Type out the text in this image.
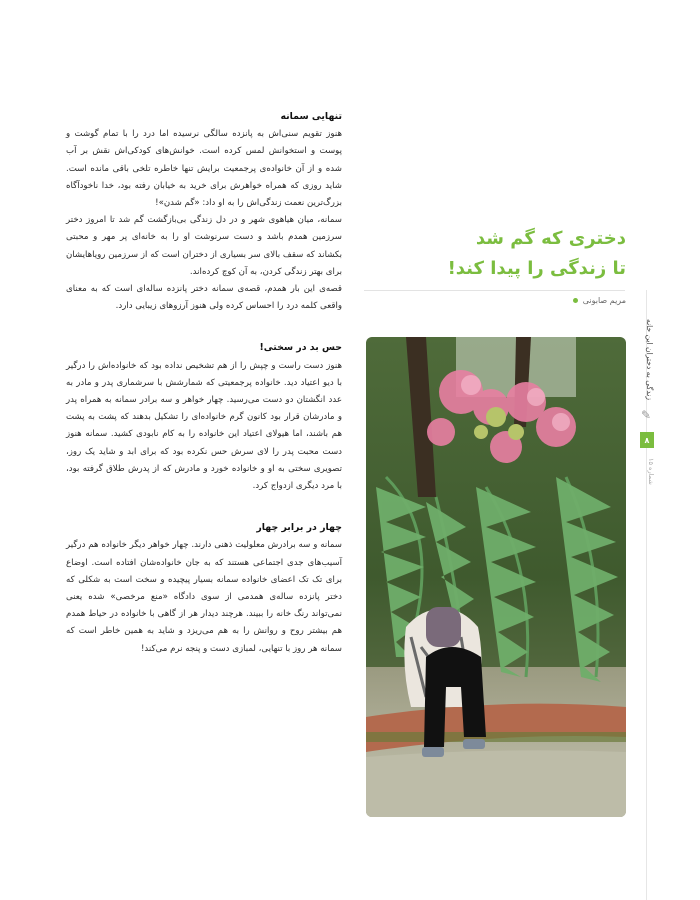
تنهایی سمانه

هنوز تقویم سنی‌اش به پانزده سالگی نرسیده اما درد را با تمام گوشت و پوست و استخوانش لمس کرده است. خوانش‌های کودکی‌اش نقش بر آب شده و از آن خانواده‌ی پرجمعیت برایش تنها خاطره تلخی باقی مانده است. شاید روزی که همراه خواهرش برای خرید به خیابان رفته بود، خدا ناخودآگاه بزرگ‌ترین نعمت زندگی‌اش را به او داد: «گم شدن»!

سمانه، میان هیاهوی شهر و در دل زندگی بی‌بازگشت گم شد تا امروز دختر سرزمین همدم باشد و دست سرنوشت او را به خانه‌ای پر مهر و محبتی بکشاند که سقف بالای سر بسیاری از دختران است که از سرزمین رویاهایشان برای بهتر زندگی کردن، به آن کوچ کرده‌اند.

قصه‌ی این بار همدم، قصه‌ی سمانه دختر پانزده ساله‌ای است که به معنای واقعی کلمه درد را احساس کرده ولی هنوز آرزوهای زیبایی دارد.

حس بد در سختی!

هنوز دست راست و چپش را از هم تشخیص نداده بود که خانواده‌اش را درگیر با دیو اعتیاد دید. خانواده پرجمعیتی که شمارشش با سرشماری پدر و مادر به عدد انگشتان دو دست می‌رسید. چهار خواهر و سه برادر سمانه به همراه پدر و مادرشان قرار بود کانون گرم خانواده‌ای را تشکیل بدهند که پشت به پشت هم باشند، اما هیولای اعتیاد این خانواده را به کام نابودی کشید. سمانه هنوز دست محبت پدر را لای سرش حس نکرده بود که برای ابد و شاید یک روز، تصویری سختی به او و خانواده خورد و مادرش که از پدرش طلاق گرفته بود، با مرد دیگری ازدواج کرد.

چهار در برابر چهار

سمانه و سه برادرش معلولیت ذهنی دارند. چهار خواهر دیگر خانواده هم درگیر آسیب‌های جدی اجتماعی هستند که به جان خانواده‌شان افتاده است. اوضاع برای تک تک اعضای خانواده سمانه بسیار پیچیده و سخت است به شکلی که دختر پانزده ساله‌ی همدمی از سوی دادگاه «منع مرخصی» شده یعنی نمی‌تواند رنگ خانه را ببیند. هرچند دیدار هر از گاهی با خانواده در حیاط همدم هم بیشتر روح و روانش را به هم می‌ریزد و شاید به همین خاطر است که سمانه هر روز با تنهایی، لمبازی دست و پنجه نرم می‌کند!

دختری که گم شد
تا زندگی را پیدا کند!
مریم صابونی
زندگی به دختران این خانه
✎
۸
شماره ۱۵
